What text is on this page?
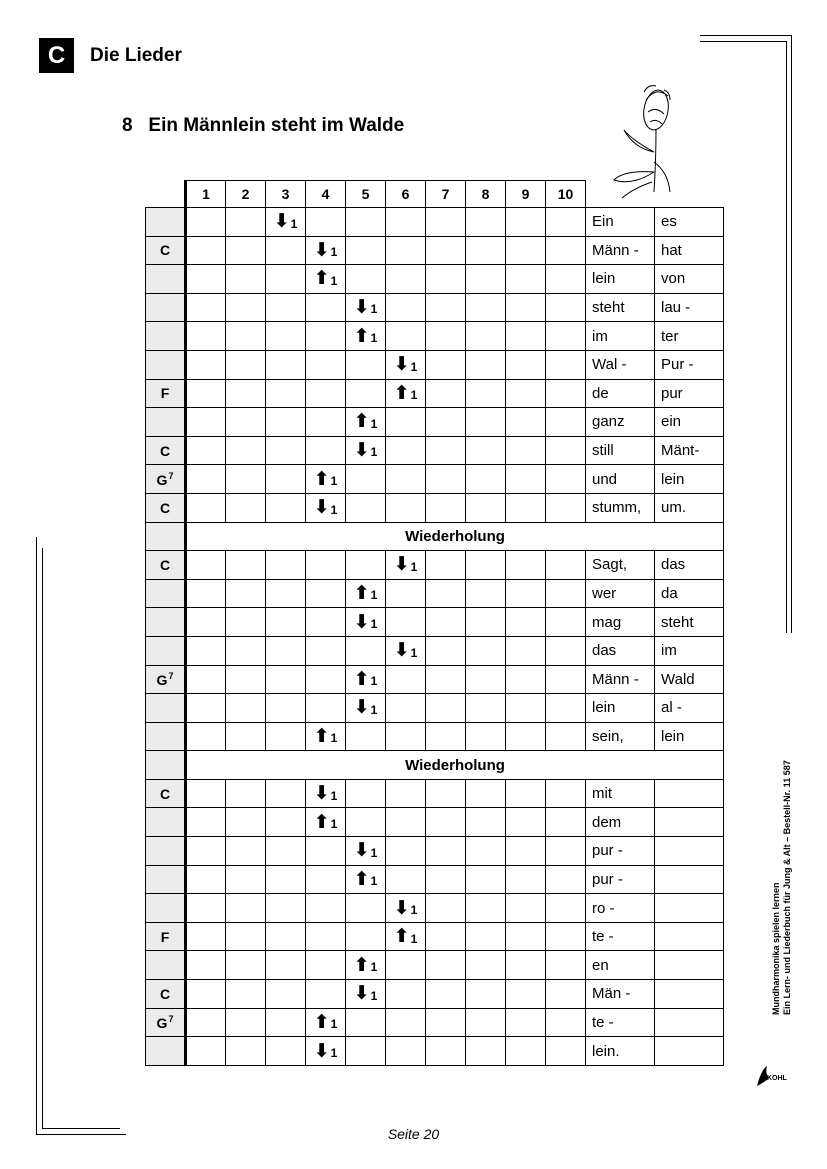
C	Die Lieder
8   Ein Männlein steht im Walde
	1	2	3	4	5	6	7	8	9	10		
			⬇1								Ein	es
C				⬇1							Männ -	hat
				⬆1							lein	von
					⬇1						steht	lau -
					⬆1						im	ter
						⬇1					Wal -	Pur -
F						⬆1					de	pur
					⬆1						ganz	ein
C					⬇1						still	Mänt-
$G^7$				⬆1							und	lein
C				⬇1							stumm,	um.
	Wiederholung											
C						⬇1					Sagt,	das
					⬆1						wer	da
					⬇1						mag	steht
						⬇1					das	im
$G^7$					⬆1						Männ -	Wald
					⬇1						lein	al -
				⬆1							sein,	lein
	Wiederholung											
C				⬇1							mit	
				⬆1							dem	
					⬇1						pur -	
					⬆1						pur -	
						⬇1					ro -	
F						⬆1					te -	
					⬆1						en	
C					⬇1						Män -	
$G^7$				⬆1							te -	
				⬇1							lein.	
Mundharmonika spielen lernen Ein Lern- und Liederbuch für Jung & Alt – Bestell-Nr. 11 587
KOHL
Seite 20
